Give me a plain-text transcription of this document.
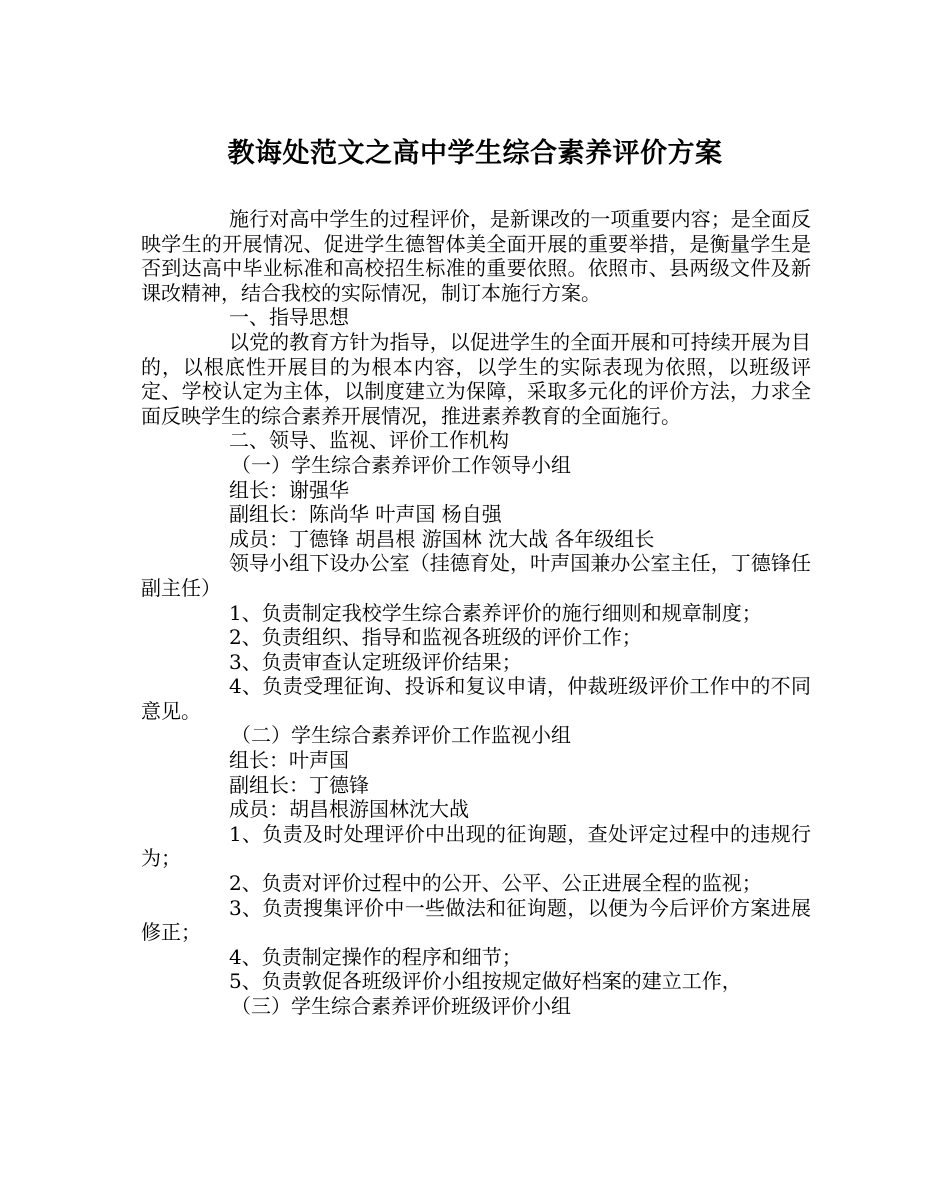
教诲处范文之高中学生综合素养评价方案

施行对高中学生的过程评价，是新课改的一项重要内容；是全面反映学生的开展情况、促进学生德智体美全面开展的重要举措，是衡量学生是否到达高中毕业标准和高校招生标准的重要依照。依照市、县两级文件及新课改精神，结合我校的实际情况，制订本施行方案。

一、指导思想

以党的教育方针为指导，以促进学生的全面开展和可持续开展为目的，以根底性开展目的为根本内容，以学生的实际表现为依照，以班级评定、学校认定为主体，以制度建立为保障，采取多元化的评价方法，力求全面反映学生的综合素养开展情况，推进素养教育的全面施行。

二、领导、监视、评价工作机构

（一）学生综合素养评价工作领导小组

组长：谢强华

副组长：陈尚华 叶声国 杨自强

成员：丁德锋 胡昌根 游国林 沈大战 各年级组长

领导小组下设办公室（挂德育处，叶声国兼办公室主任，丁德锋任副主任）

1、负责制定我校学生综合素养评价的施行细则和规章制度；

2、负责组织、指导和监视各班级的评价工作；

3、负责审查认定班级评价结果；

4、负责受理征询、投诉和复议申请，仲裁班级评价工作中的不同意见。

（二）学生综合素养评价工作监视小组

组长：叶声国

副组长：丁德锋

成员：胡昌根游国林沈大战

1、负责及时处理评价中出现的征询题，查处评定过程中的违规行为；

2、负责对评价过程中的公开、公平、公正进展全程的监视；

3、负责搜集评价中一些做法和征询题，以便为今后评价方案进展修正；

4、负责制定操作的程序和细节；

5、负责敦促各班级评价小组按规定做好档案的建立工作，

（三）学生综合素养评价班级评价小组
